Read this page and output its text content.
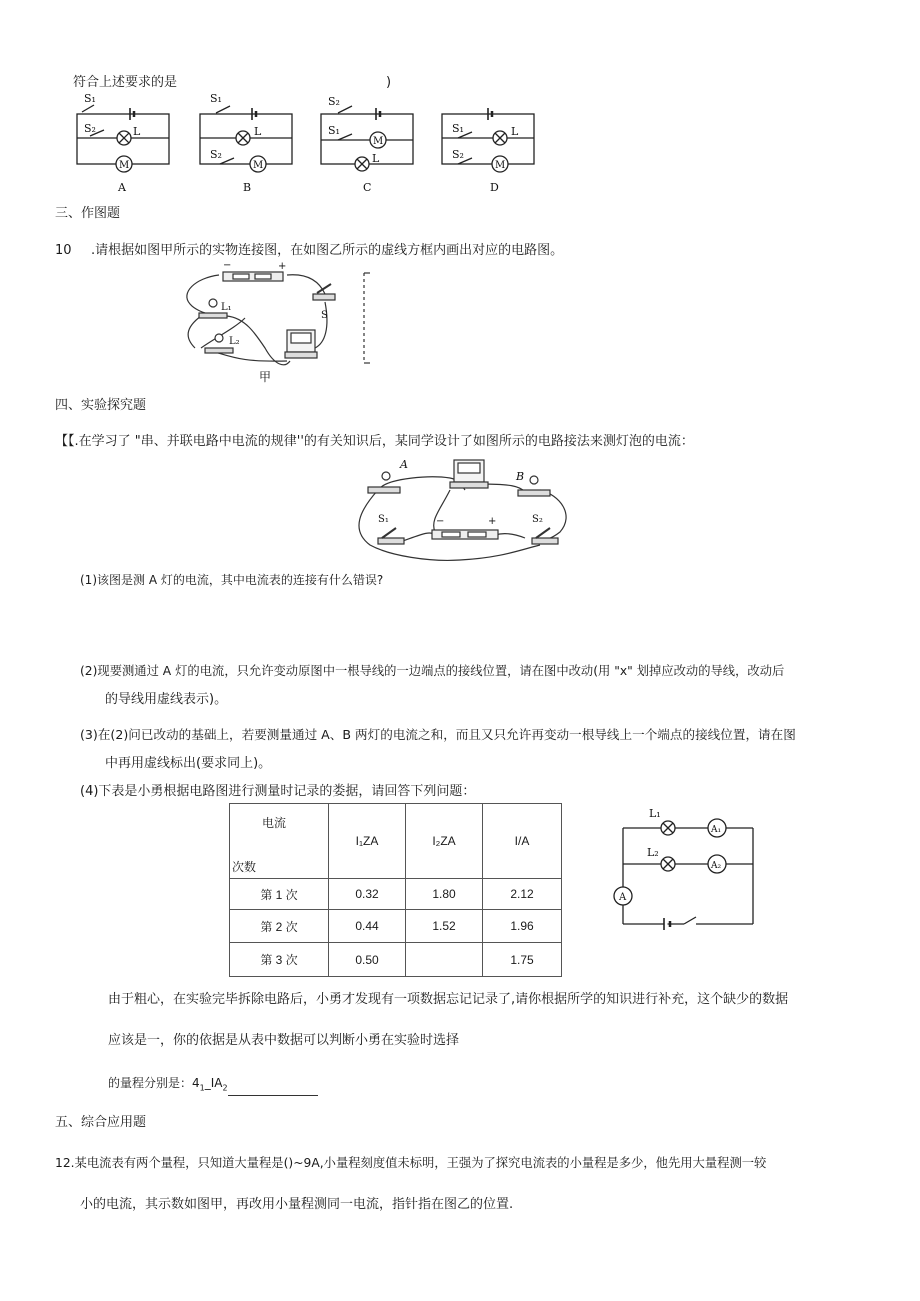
符合上述要求的是	)
S₁
S₂	L
M
A
S₁
L
S₂
M
B
S₂
S₁
M
L
C
S₁	L
S₂
M
D
三、作图题
10 .请根据如图甲所示的实物连接图，在如图乙所示的虚线方框内画出对应的电路图。
−	+
L₁
L₂
S
甲
四、实验探究题
【【.在学习了 "串、并联电路中电流的规律''的有关知识后，某同学设计了如图所示的电路接法来测灯泡的电流：
A
B
S₁	S₂
−	+
(1)该图是测 A 灯的电流，其中电流表的连接有什么错误?
(2)现要测通过 A 灯的电流，只允许变动原图中一根导线的一边端点的接线位置，请在图中改动(用 "x" 划掉应改动的导线，改动后
的导线用虚线表示)。
(3)在(2)问已改动的基础上，若要测量通过 A、B 两灯的电流之和，而且又只允许再变动一根导线上一个端点的接线位置，请在图
中再用虚线标出(要求同上)。
(4)下表是小勇根据电路图进行测量时记录的娄据，请回答下列问题：
电流
次数	I₁ZA	I₂ZA	I/A
第 1 次	0.32	1.80	2.12
第 2 次	0.44	1.52	1.96
第 3 次	0.50		1.75
L₁
L₂
A₁
A₂
A
由于粗心，在实验完毕拆除电路后，小勇才发现有一项数据忘记记录了,请你根据所学的知识进行补充，这个缺少的数据
应该是一，你的依据是从表中数据可以判断小勇在实验时选择
的量程分别是：$4_1\_IA_2$
五、综合应用题
12.某电流表有两个量程，只知道大量程是()~9A,小量程刻度值未标明，王强为了探究电流表的小量程是多少，他先用大量程测一较
小的电流，其示数如图甲，再改用小量程测同一电流，指针指在图乙的位置.
